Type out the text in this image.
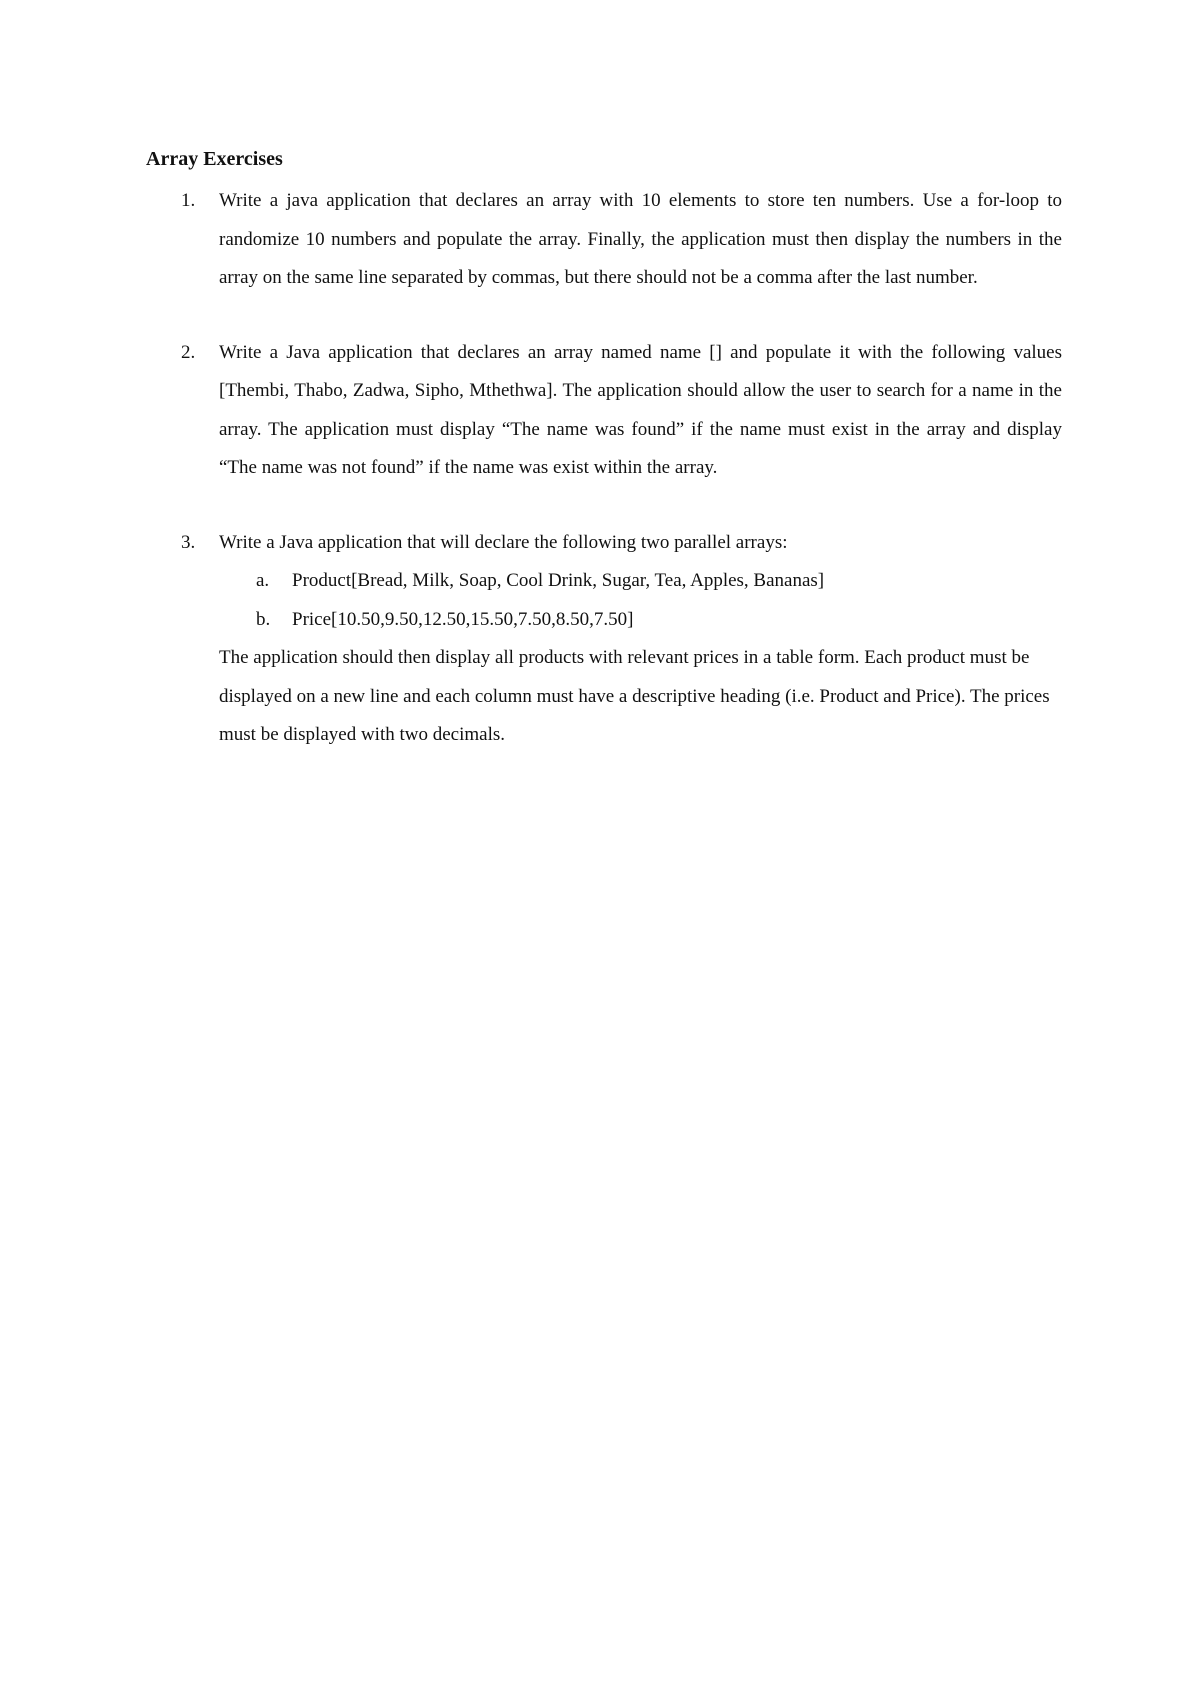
Array Exercises
1. Write a java application that declares an array with 10 elements to store ten numbers. Use a for-loop to randomize 10 numbers and populate the array. Finally, the application must then display the numbers in the array on the same line separated by commas, but there should not be a comma after the last number.
2. Write a Java application that declares an array named name [] and populate it with the following values [Thembi, Thabo, Zadwa, Sipho, Mthethwa]. The application should allow the user to search for a name in the array. The application must display “The name was found” if the name must exist in the array and display “The name was not found” if the name was exist within the array.
3. Write a Java application that will declare the following two parallel arrays:
a. Product[Bread, Milk, Soap, Cool Drink, Sugar, Tea, Apples, Bananas]
b. Price[10.50,9.50,12.50,15.50,7.50,8.50,7.50]
The application should then display all products with relevant prices in a table form. Each product must be displayed on a new line and each column must have a descriptive heading (i.e. Product and Price). The prices must be displayed with two decimals.
